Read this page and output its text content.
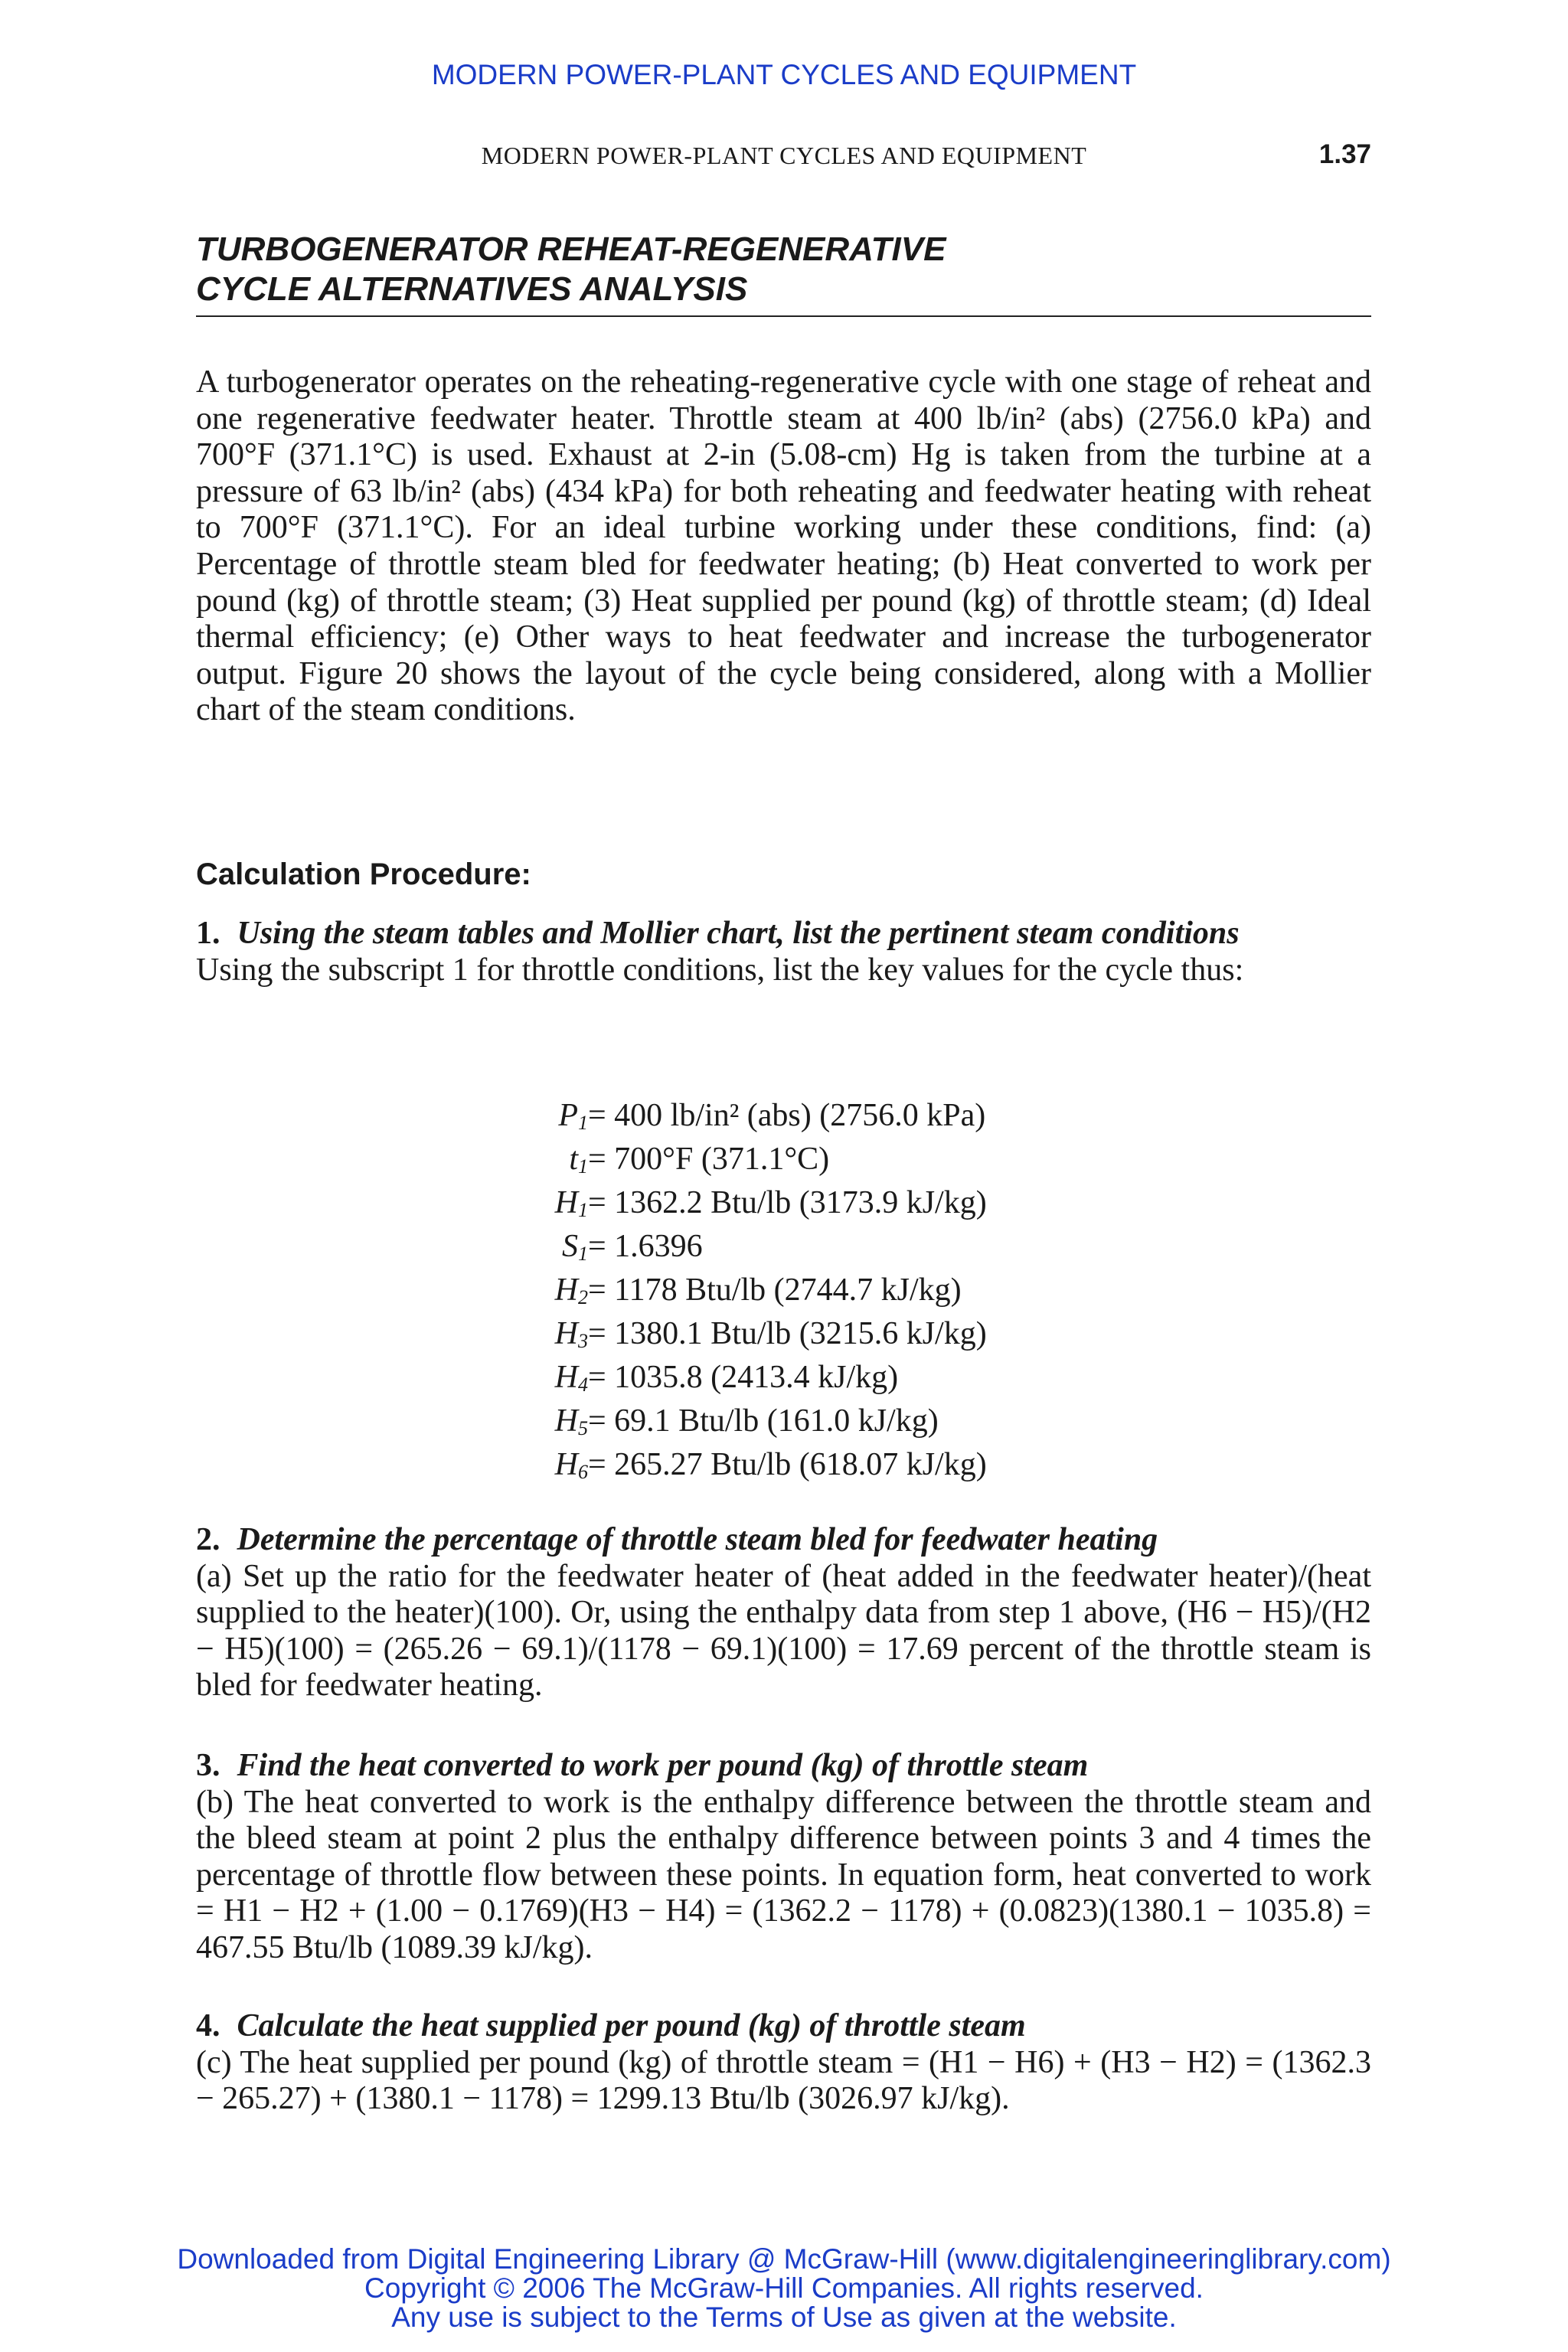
MODERN POWER-PLANT CYCLES AND EQUIPMENT
MODERN POWER-PLANT CYCLES AND EQUIPMENT	1.37
TURBOGENERATOR REHEAT-REGENERATIVE
CYCLE ALTERNATIVES ANALYSIS
A turbogenerator operates on the reheating-regenerative cycle with one stage of reheat and one regenerative feedwater heater. Throttle steam at 400 lb/in² (abs) (2756.0 kPa) and 700°F (371.1°C) is used. Exhaust at 2-in (5.08-cm) Hg is taken from the turbine at a pressure of 63 lb/in² (abs) (434 kPa) for both reheating and feedwater heating with reheat to 700°F (371.1°C). For an ideal turbine working under these conditions, find: (a) Percentage of throttle steam bled for feedwater heating; (b) Heat converted to work per pound (kg) of throttle steam; (3) Heat supplied per pound (kg) of throttle steam; (d) Ideal thermal efficiency; (e) Other ways to heat feedwater and increase the turbogenerator output. Figure 20 shows the layout of the cycle being considered, along with a Mollier chart of the steam conditions.
Calculation Procedure:
1. Using the steam tables and Mollier chart, list the pertinent steam conditions
Using the subscript 1 for throttle conditions, list the key values for the cycle thus:
$P_1 = 400$ lb/in² (abs) (2756.0 kPa)
$t_1 = 700^\circ F$ (371.1°C)
$H_1 = 1362.2$ Btu/lb (3173.9 kJ/kg)
$S_1 = 1.6396$
$H_2 = 1178$ Btu/lb (2744.7 kJ/kg)
$H_3 = 1380.1$ Btu/lb (3215.6 kJ/kg)
$H_4 = 1035.8$ (2413.4 kJ/kg)
$H_5 = 69.1$ Btu/lb (161.0 kJ/kg)
$H_6 = 265.27$ Btu/lb (618.07 kJ/kg)
2. Determine the percentage of throttle steam bled for feedwater heating
(a) Set up the ratio for the feedwater heater of (heat added in the feedwater heater)/(heat supplied to the heater)(100). Or, using the enthalpy data from step 1 above, (H6 − H5)/(H2 − H5)(100) = (265.26 − 69.1)/(1178 − 69.1)(100) = 17.69 percent of the throttle steam is bled for feedwater heating.
3. Find the heat converted to work per pound (kg) of throttle steam
(b) The heat converted to work is the enthalpy difference between the throttle steam and the bleed steam at point 2 plus the enthalpy difference between points 3 and 4 times the percentage of throttle flow between these points. In equation form, heat converted to work = H1 − H2 + (1.00 − 0.1769)(H3 − H4) = (1362.2 − 1178) + (0.0823)(1380.1 − 1035.8) = 467.55 Btu/lb (1089.39 kJ/kg).
4. Calculate the heat supplied per pound (kg) of throttle steam
(c) The heat supplied per pound (kg) of throttle steam = (H1 − H6) + (H3 − H2) = (1362.3 − 265.27) + (1380.1 − 1178) = 1299.13 Btu/lb (3026.97 kJ/kg).
Downloaded from Digital Engineering Library @ McGraw-Hill (www.digitalengineeringlibrary.com)
Copyright © 2006 The McGraw-Hill Companies. All rights reserved.
Any use is subject to the Terms of Use as given at the website.
